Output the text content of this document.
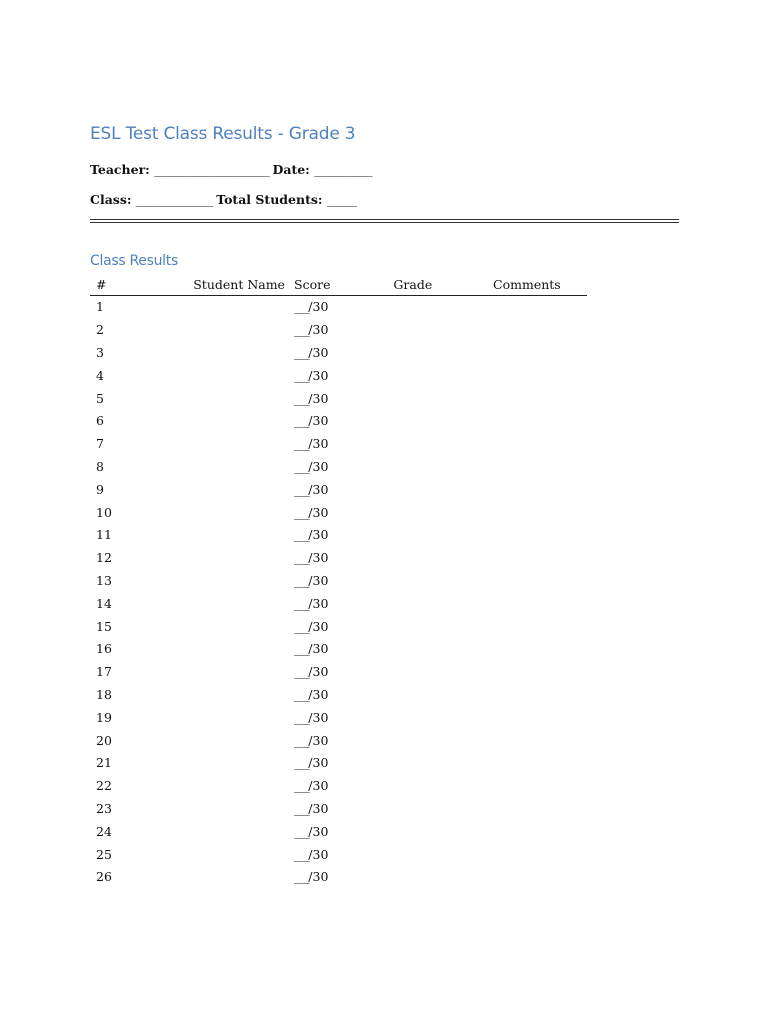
ESL Test Class Results - Grade 3
Teacher: ________________________ Date: ____________
Class: ________________ Total Students: ______
Class Results
#	Student Name	Score	Grade	Comments
1		___/30		
2		___/30		
3		___/30		
4		___/30		
5		___/30		
6		___/30		
7		___/30		
8		___/30		
9		___/30		
10		___/30		
11		___/30		
12		___/30		
13		___/30		
14		___/30		
15		___/30		
16		___/30		
17		___/30		
18		___/30		
19		___/30		
20		___/30		
21		___/30		
22		___/30		
23		___/30		
24		___/30		
25		___/30		
26		___/30		
